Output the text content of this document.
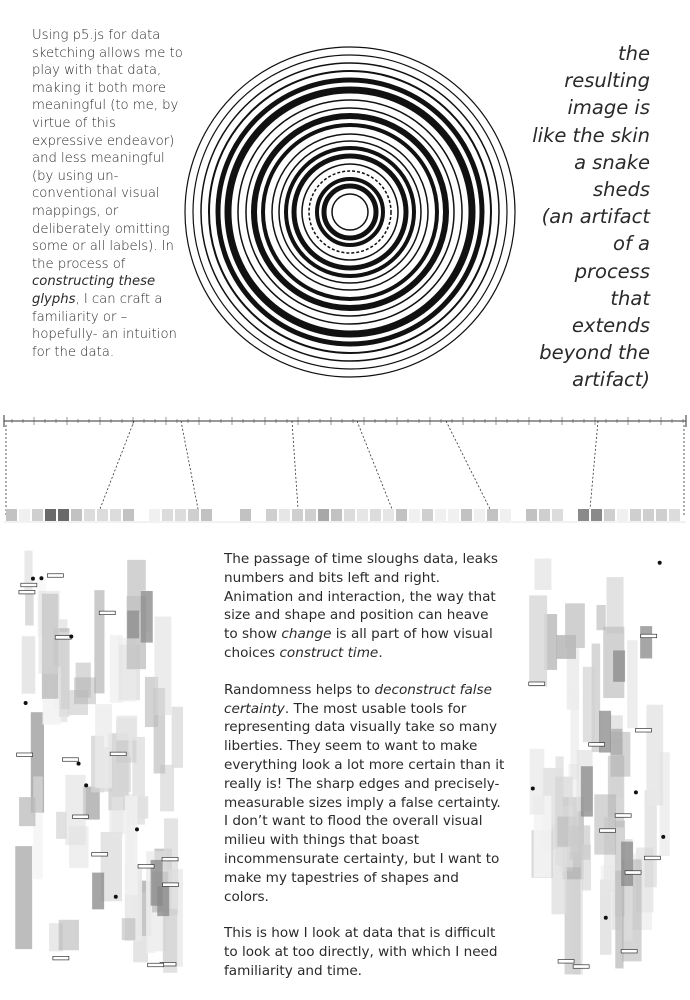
Using p5.js for data sketching allows me to play with that data, making it both more meaningful (to me, by virtue of this expressive endeavor) and less meaningful (by using un-conventional visual mappings, or deliberately omitting some or all labels). In the process of constructing these glyphs, I can craft a familiarity or – hopefully- an intuition for the data.
the
resulting
image is
like the skin
a snake
sheds
(an artifact
of a
process
that
extends
beyond the
artifact)

The passage of time sloughs data, leaks numbers and bits left and right. Animation and interaction, the way that size and shape and position can heave to show change is all part of how visual choices construct time.

Randomness helps to deconstruct false certainty. The most usable tools for representing data visually take so many liberties. They seem to want to make everything look a lot more certain than it really is! The sharp edges and precisely-measurable sizes imply a false certainty. I don’t want to flood the overall visual milieu with things that boast incommensurate certainty, but I want to make my tapestries of shapes and colors.

This is how I look at data that is difficult to look at too directly, with which I need familiarity and time.
